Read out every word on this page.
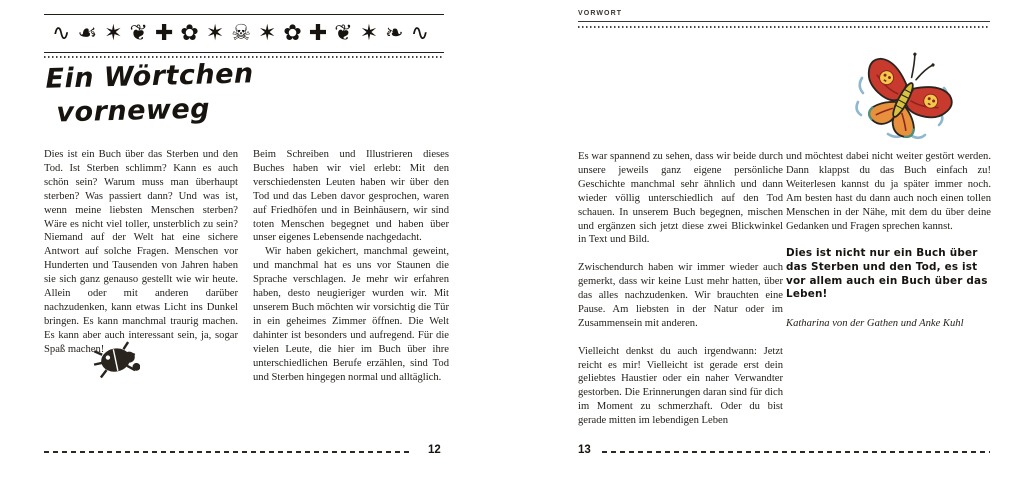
∿☙✶❦✚✿✶☠✶✿✚❦✶❧∿
Ein Wörtchen
vorneweg

Dies ist ein Buch über das Sterben und den Tod. Ist Sterben schlimm? Kann es auch schön sein? Warum muss man überhaupt sterben? Was passiert dann? Und was ist, wenn meine liebsten Menschen sterben? Wäre es nicht viel toller, unsterblich zu sein? Niemand auf der Welt hat eine sichere Antwort auf solche Fragen. Menschen vor Hunderten und Tausenden von Jahren haben sie sich ganz genauso gestellt wie wir heute. Allein oder mit anderen darüber nachzudenken, kann etwas Licht ins Dunkel bringen. Es kann manchmal traurig machen. Es kann aber auch interessant sein, ja, sogar Spaß machen!

Beim Schreiben und Illustrieren dieses Buches haben wir viel erlebt: Mit den verschiedensten Leuten haben wir über den Tod und das Leben davor gesprochen, waren auf Friedhöfen und in Beinhäusern, wir sind toten Menschen begegnet und haben über unser eigenes Lebensende nachgedacht.

Wir haben gekichert, manchmal geweint, und manchmal hat es uns vor Staunen die Sprache verschlagen. Je mehr wir erfahren haben, desto neugieriger wurden wir. Mit unserem Buch möchten wir vorsichtig die Tür in ein geheimes Zimmer öffnen. Die Welt dahinter ist besonders und aufregend. Für die vielen Leute, die hier im Buch über ihre unterschiedlichen Berufe erzählen, sind Tod und Sterben hingegen normal und alltäglich.

12
VORWORT

Es war spannend zu sehen, dass wir beide durch unsere jeweils ganz eigene persönliche Geschichte manchmal sehr ähnlich und dann wieder völlig unterschiedlich auf den Tod schauen. In unserem Buch begegnen, mischen und ergänzen sich jetzt diese zwei Blickwinkel in Text und Bild.

Zwischendurch haben wir immer wieder auch gemerkt, dass wir keine Lust mehr hatten, über das alles nachzudenken. Wir brauchten eine Pause. Am liebsten in der Natur oder im Zusammensein mit anderen.

Vielleicht denkst du auch irgendwann: Jetzt reicht es mir! Vielleicht ist gerade erst dein geliebtes Haustier oder ein naher Verwandter gestorben. Die Erinnerungen daran sind für dich im Moment zu schmerzhaft. Oder du bist gerade mitten im lebendigen Leben

und möchtest dabei nicht weiter gestört werden. Dann klappst du das Buch einfach zu! Weiterlesen kannst du ja später immer noch. Am besten hast du dann auch noch einen tollen Menschen in der Nähe, mit dem du über deine Gedanken und Fragen sprechen kannst.

Dies ist nicht nur ein Buch über das Sterben und den Tod, es ist vor allem auch ein Buch über das Leben!

Katharina von der Gathen und Anke Kuhl

13
